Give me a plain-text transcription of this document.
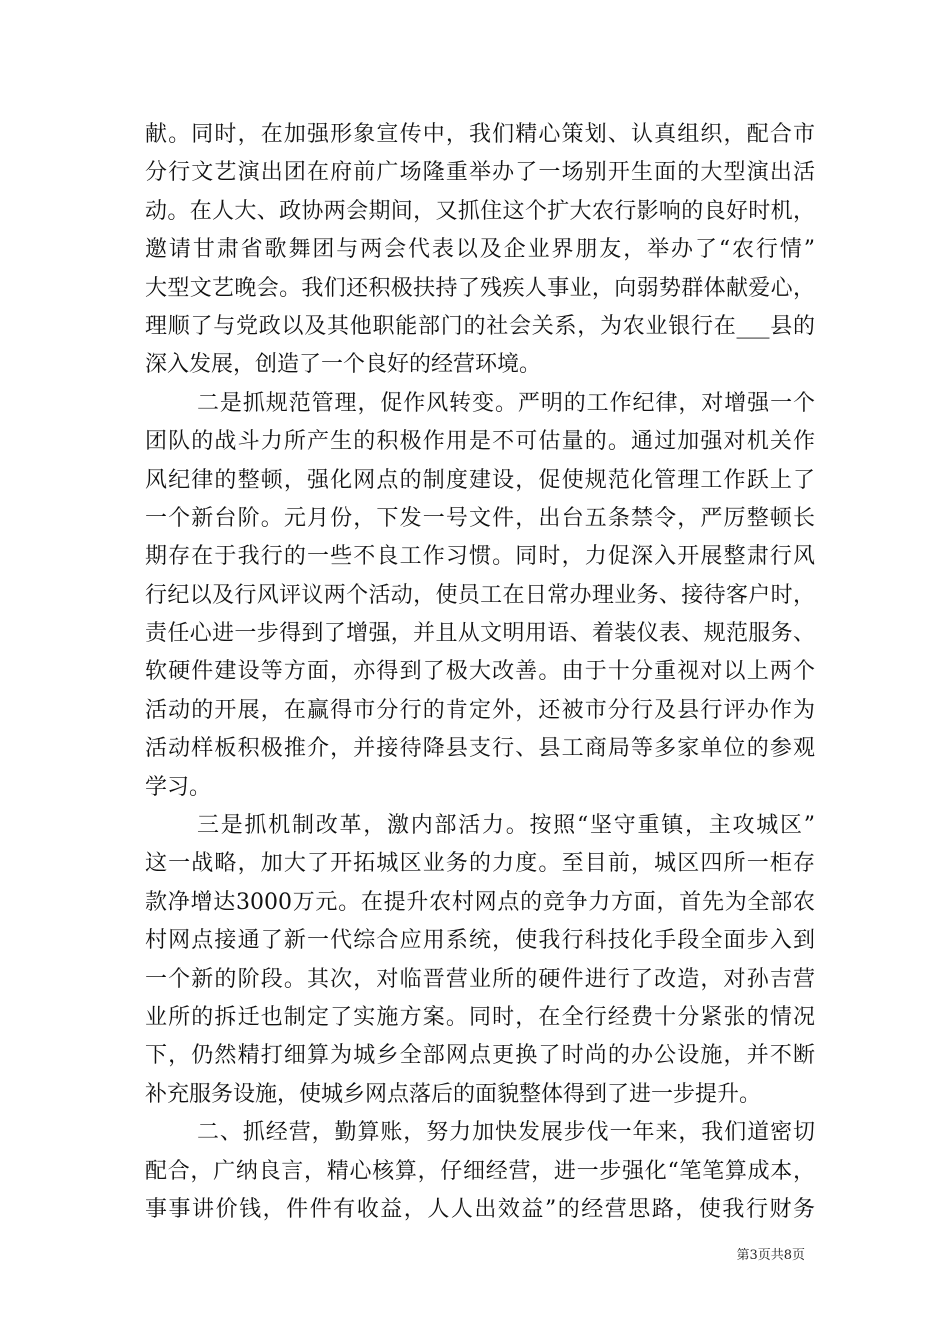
献。同时，在加强形象宣传中，我们精心策划、认真组织，配合市
分行文艺演出团在府前广场隆重举办了一场别开生面的大型演出活
动。在人大、政协两会期间，又抓住这个扩大农行影响的良好时机，
邀请甘肃省歌舞团与两会代表以及企业界朋友，举办了“农行情”
大型文艺晚会。我们还积极扶持了残疾人事业，向弱势群体献爱心，
理顺了与党政以及其他职能部门的社会关系，为农业银行在___县的
深入发展，创造了一个良好的经营环境。
二是抓规范管理，促作风转变。严明的工作纪律，对增强一个
团队的战斗力所产生的积极作用是不可估量的。通过加强对机关作
风纪律的整顿，强化网点的制度建设，促使规范化管理工作跃上了
一个新台阶。元月份，下发一号文件，出台五条禁令，严厉整顿长
期存在于我行的一些不良工作习惯。同时，力促深入开展整肃行风
行纪以及行风评议两个活动，使员工在日常办理业务、接待客户时，
责任心进一步得到了增强，并且从文明用语、着装仪表、规范服务、
软硬件建设等方面，亦得到了极大改善。由于十分重视对以上两个
活动的开展，在赢得市分行的肯定外，还被市分行及县行评办作为
活动样板积极推介，并接待降县支行、县工商局等多家单位的参观
学习。
三是抓机制改革，激内部活力。按照“坚守重镇，主攻城区”
这一战略，加大了开拓城区业务的力度。至目前，城区四所一柜存
款净增达3000万元。在提升农村网点的竞争力方面，首先为全部农
村网点接通了新一代综合应用系统，使我行科技化手段全面步入到
一个新的阶段。其次，对临晋营业所的硬件进行了改造，对孙吉营
业所的拆迁也制定了实施方案。同时，在全行经费十分紧张的情况
下，仍然精打细算为城乡全部网点更换了时尚的办公设施，并不断
补充服务设施，使城乡网点落后的面貌整体得到了进一步提升。
二、抓经营，勤算账，努力加快发展步伐一年来，我们道密切
配合，广纳良言，精心核算，仔细经营，进一步强化“笔笔算成本，
事事讲价钱，件件有收益，人人出效益”的经营思路，使我行财务
第3页共8页
